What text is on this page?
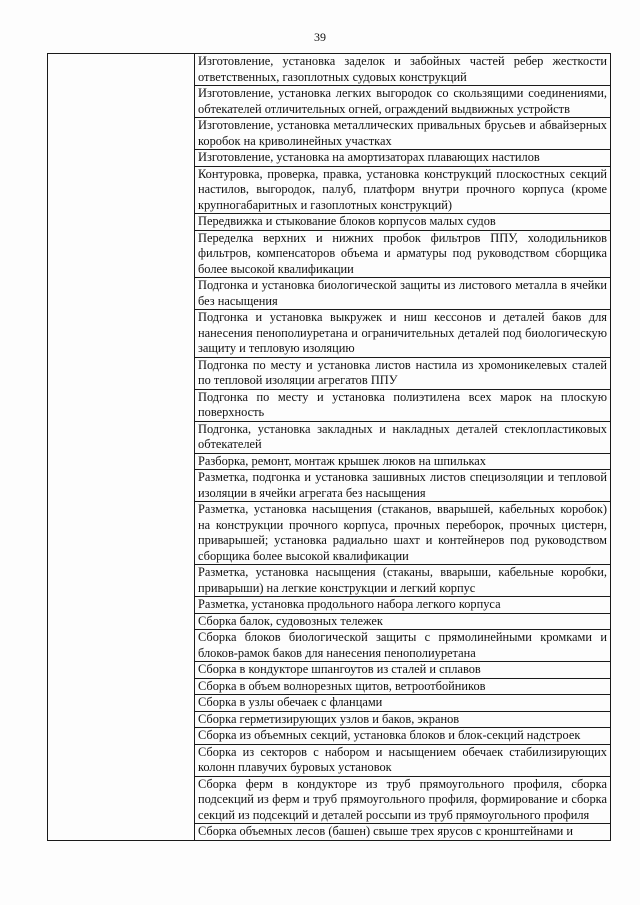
39
	Изготовление, установка заделок и забойных частей ребер жесткости ответственных, газоплотных судовых конструкций
Изготовление, установка легких выгородок со скользящими соединениями, обтекателей отличительных огней, ограждений выдвижных устройств
Изготовление, установка металлических привальных брусьев и абвайзерных коробок на криволинейных участках
Изготовление, установка на амортизаторах плавающих настилов
Контуровка, проверка, правка, установка конструкций плоскостных секций настилов, выгородок, палуб, платформ внутри прочного корпуса (кроме крупногабаритных и газоплотных конструкций)
Передвижка и стыкование блоков корпусов малых судов
Переделка верхних и нижних пробок фильтров ППУ, холодильников фильтров, компенсаторов объема и арматуры под руководством сборщика более высокой квалификации
Подгонка и установка биологической защиты из листового металла в ячейки без насыщения
Подгонка и установка выкружек и ниш кессонов и деталей баков для нанесения пенополиуретана и ограничительных деталей под биологическую защиту и тепловую изоляцию
Подгонка по месту и установка листов настила из хромоникелевых сталей по тепловой изоляции агрегатов ППУ
Подгонка по месту и установка полиэтилена всех марок на плоскую поверхность
Подгонка, установка закладных и накладных деталей стеклопластиковых обтекателей
Разборка, ремонт, монтаж крышек люков на шпильках
Разметка, подгонка и установка зашивных листов специзоляции и тепловой изоляции в ячейки агрегата без насыщения
Разметка, установка насыщения (стаканов, вварышей, кабельных коробок) на конструкции прочного корпуса, прочных переборок, прочных цистерн, приварышей; установка радиально шахт и контейнеров под руководством сборщика более высокой квалификации
Разметка, установка насыщения (стаканы, вварыши, кабельные коробки, приварыши) на легкие конструкции и легкий корпус
Разметка, установка продольного набора легкого корпуса
Сборка балок, судовозных тележек
Сборка блоков биологической защиты с прямолинейными кромками и блоков-рамок баков для нанесения пенополиуретана
Сборка в кондукторе шпангоутов из сталей и сплавов
Сборка в объем волнорезных щитов, ветроотбойников
Сборка в узлы обечаек с фланцами
Сборка герметизирующих узлов и баков, экранов
Сборка из объемных секций, установка блоков и блок-секций надстроек
Сборка из секторов с набором и насыщением обечаек стабилизирующих колонн плавучих буровых установок
Сборка ферм в кондукторе из труб прямоугольного профиля, сборка подсекций из ферм и труб прямоугольного профиля, формирование и сборка секций из подсекций и деталей россыпи из труб прямоугольного профиля
Сборка объемных лесов (башен) свыше трех ярусов с кронштейнами и
